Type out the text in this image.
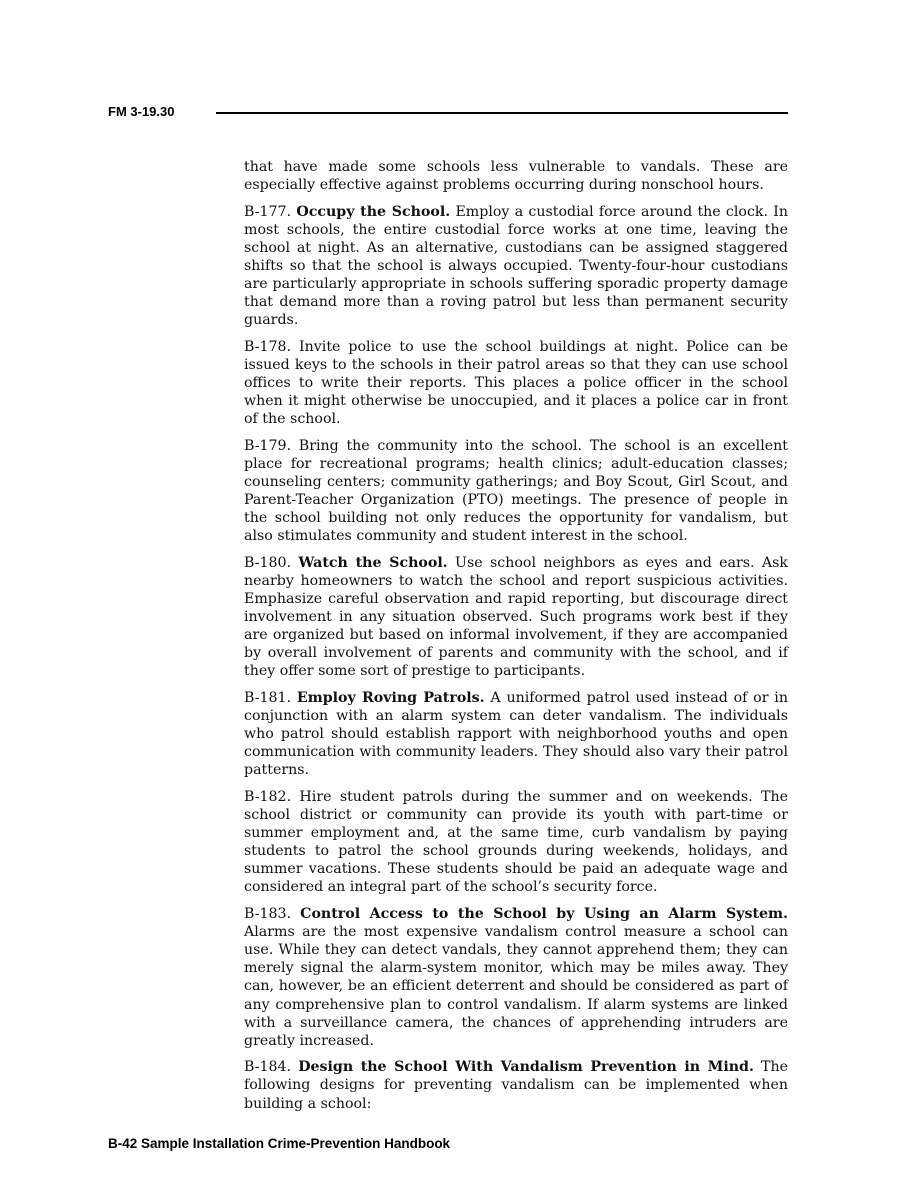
FM 3-19.30

that have made some schools less vulnerable to vandals. These are especially effective against problems occurring during nonschool hours.

B-177. Occupy the School. Employ a custodial force around the clock. In most schools, the entire custodial force works at one time, leaving the school at night. As an alternative, custodians can be assigned staggered shifts so that the school is always occupied. Twenty-four-hour custodians are particularly appropriate in schools suffering sporadic property damage that demand more than a roving patrol but less than permanent security guards.

B-178. Invite police to use the school buildings at night. Police can be issued keys to the schools in their patrol areas so that they can use school offices to write their reports. This places a police officer in the school when it might otherwise be unoccupied, and it places a police car in front of the school.

B-179. Bring the community into the school. The school is an excellent place for recreational programs; health clinics; adult-education classes; counseling centers; community gatherings; and Boy Scout, Girl Scout, and Parent-Teacher Organization (PTO) meetings. The presence of people in the school building not only reduces the opportunity for vandalism, but also stimulates community and student interest in the school.

B-180. Watch the School. Use school neighbors as eyes and ears. Ask nearby homeowners to watch the school and report suspicious activities. Emphasize careful observation and rapid reporting, but discourage direct involvement in any situation observed. Such programs work best if they are organized but based on informal involvement, if they are accompanied by overall involvement of parents and community with the school, and if they offer some sort of prestige to participants.

B-181. Employ Roving Patrols. A uniformed patrol used instead of or in conjunction with an alarm system can deter vandalism. The individuals who patrol should establish rapport with neighborhood youths and open communication with community leaders. They should also vary their patrol patterns.

B-182. Hire student patrols during the summer and on weekends. The school district or community can provide its youth with part-time or summer employment and, at the same time, curb vandalism by paying students to patrol the school grounds during weekends, holidays, and summer vacations. These students should be paid an adequate wage and considered an integral part of the school’s security force.

B-183. Control Access to the School by Using an Alarm System. Alarms are the most expensive vandalism control measure a school can use. While they can detect vandals, they cannot apprehend them; they can merely signal the alarm-system monitor, which may be miles away. They can, however, be an efficient deterrent and should be considered as part of any comprehensive plan to control vandalism. If alarm systems are linked with a surveillance camera, the chances of apprehending intruders are greatly increased.

B-184. Design the School With Vandalism Prevention in Mind. The following designs for preventing vandalism can be implemented when building a school:

B-42 Sample Installation Crime-Prevention Handbook
